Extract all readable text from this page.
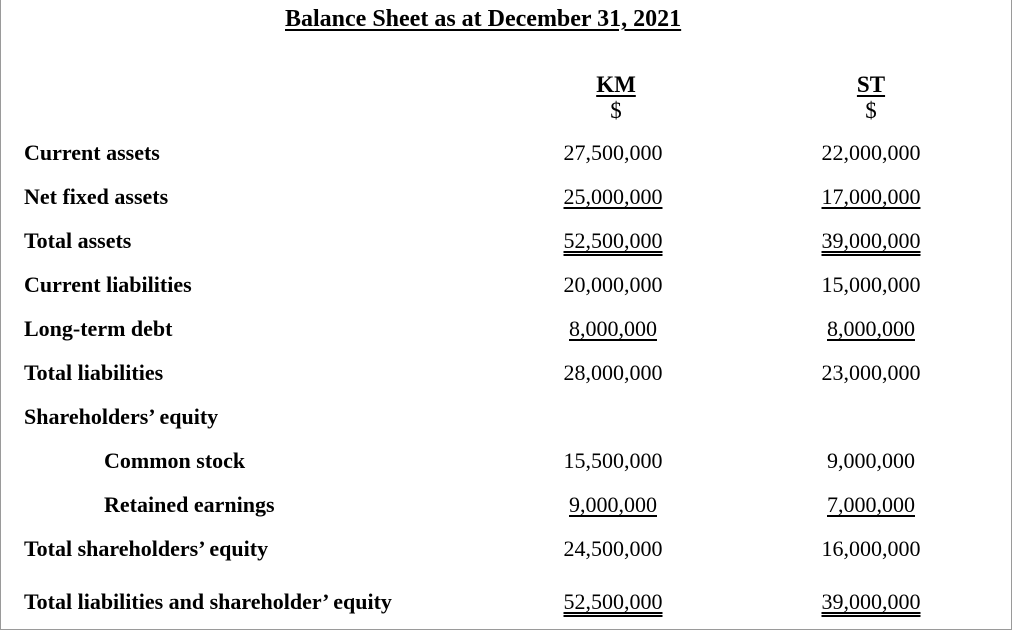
Balance Sheet as at December 31, 2021
KM
$
ST
$
Current assets	27,500,000	22,000,000
Net fixed assets	25,000,000	17,000,000
Total assets	52,500,000	39,000,000
Current liabilities	20,000,000	15,000,000
Long-term debt	8,000,000	8,000,000
Total liabilities	28,000,000	23,000,000
Shareholders’ equity
Common stock	15,500,000	9,000,000
Retained earnings	9,000,000	7,000,000
Total shareholders’ equity	24,500,000	16,000,000
Total liabilities and shareholder’ equity	52,500,000	39,000,000
